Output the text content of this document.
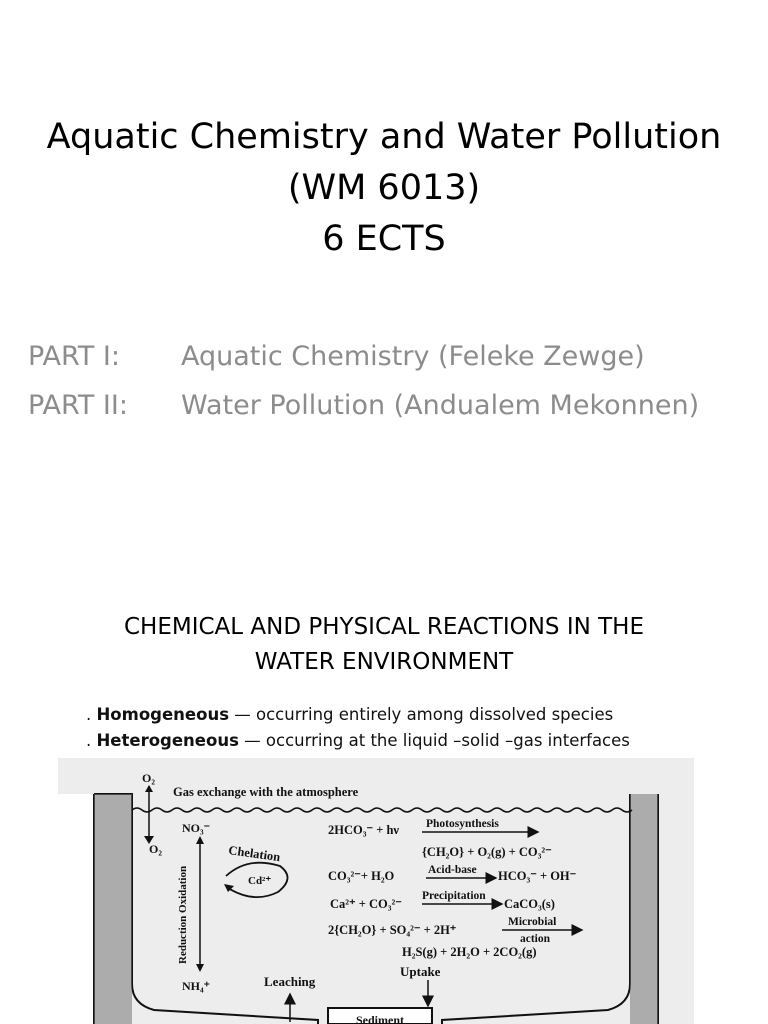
Aquatic Chemistry and Water Pollution
(WM 6013)
6 ECTS
PART I:	Aquatic Chemistry (Feleke Zewge)
PART II:	Water Pollution (Andualem Mekonnen)
CHEMICAL AND PHYSICAL REACTIONS IN THE
WATER ENVIRONMENT
. Homogeneous — occurring entirely among dissolved species
. Heterogeneous — occurring at the liquid –solid –gas interfaces
Sediment
O₂
Gas exchange with the atmosphere
O₂
NO₃⁻
Reduction Oxidation
NH₄⁺
Chelation
Cd²⁺
2HCO₃⁻ + hν Photosynthesis
{CH₂O} + O₂(g) + CO₃²⁻
CO₃²⁻+ H₂O	Acid-base HCO₃⁻ + OH⁻
Ca²⁺ + CO₃²⁻
Precipitation
CaCO₃(s)
2{CH₂O} + SO₄²⁻ + 2H⁺
Microbial
action
H₂S(g) + 2H₂O + 2CO₂(g)
Uptake
Leaching
